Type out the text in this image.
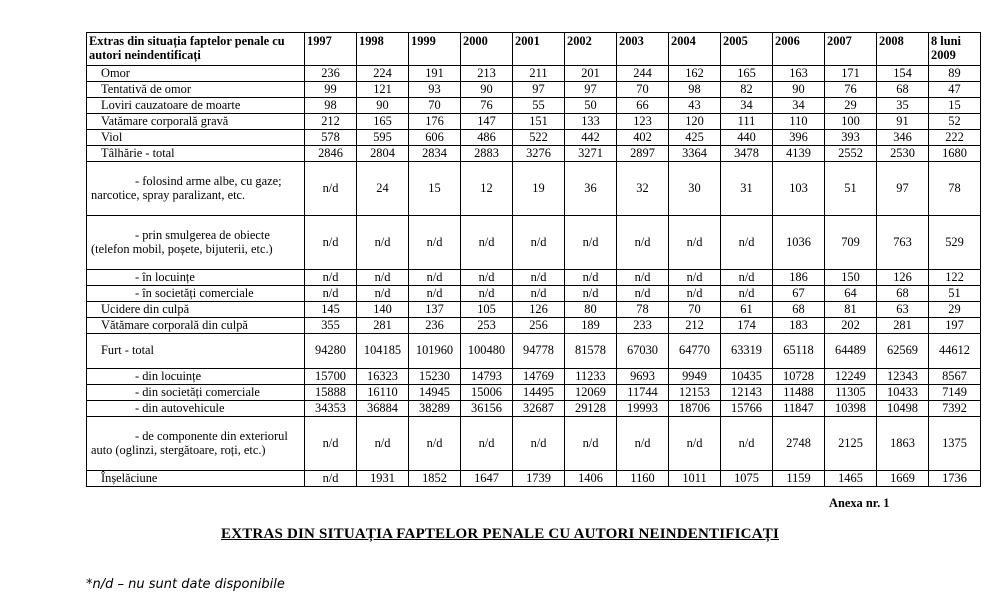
Extras din situația faptelor penale cu autori neindentificați	1997	1998	1999	2000	2001	2002	2003	2004	2005	2006	2007	2008	8 luni 2009
Omor	236	224	191	213	211	201	244	162	165	163	171	154	89
Tentativă de omor	99	121	93	90	97	97	70	98	82	90	76	68	47
Loviri cauzatoare de moarte	98	90	70	76	55	50	66	43	34	34	29	35	15
Vatămare corporală gravă	212	165	176	147	151	133	123	120	111	110	100	91	52
Viol	578	595	606	486	522	442	402	425	440	396	393	346	222
Tâlhărie - total	2846	2804	2834	2883	3276	3271	2897	3364	3478	4139	2552	2530	1680
- folosind arme albe, cu gaze; narcotice, spray paralizant, etc.	n/d	24	15	12	19	36	32	30	31	103	51	97	78
- prin smulgerea de obiecte (telefon mobil, poșete, bijuterii, etc.)	n/d	n/d	n/d	n/d	n/d	n/d	n/d	n/d	n/d	1036	709	763	529
- în locuințe	n/d	n/d	n/d	n/d	n/d	n/d	n/d	n/d	n/d	186	150	126	122
- în societăți comerciale	n/d	n/d	n/d	n/d	n/d	n/d	n/d	n/d	n/d	67	64	68	51
Ucidere din culpă	145	140	137	105	126	80	78	70	61	68	81	63	29
Vătămare corporală din culpă	355	281	236	253	256	189	233	212	174	183	202	281	197
Furt - total	94280	104185	101960	100480	94778	81578	67030	64770	63319	65118	64489	62569	44612
- din locuințe	15700	16323	15230	14793	14769	11233	9693	9949	10435	10728	12249	12343	8567
- din societăți comerciale	15888	16110	14945	15006	14495	12069	11744	12153	12143	11488	11305	10433	7149
- din autovehicule	34353	36884	38289	36156	32687	29128	19993	18706	15766	11847	10398	10498	7392
- de componente din exteriorul auto (oglinzi, stergătoare, roți, etc.)	n/d	n/d	n/d	n/d	n/d	n/d	n/d	n/d	n/d	2748	2125	1863	1375
Înșelăciune	n/d	1931	1852	1647	1739	1406	1160	1011	1075	1159	1465	1669	1736
Anexa nr. 1
EXTRAS DIN SITUAȚIA FAPTELOR PENALE CU AUTORI NEINDENTIFICAȚI
*n/d – nu sunt date disponibile
